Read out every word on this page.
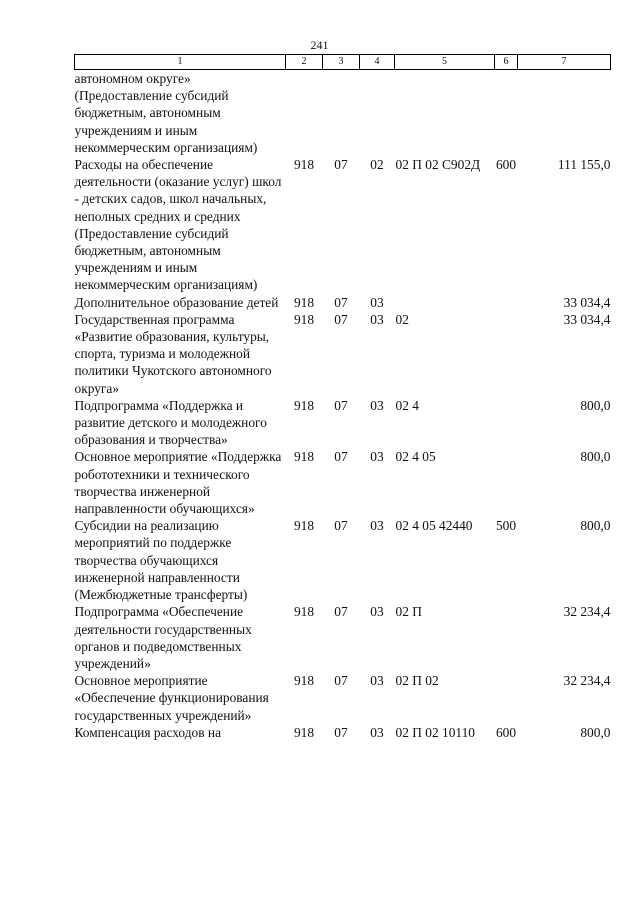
241
1	2	3	4	5	6	7
автономном округе» (Предоставление субсидий бюджетным, автономным учреждениям и иным некоммерческим организациям)						
Расходы на обеспечение деятельности (оказание услуг) школ - детских садов, школ начальных, неполных средних и средних (Предоставление субсидий бюджетным, автономным учреждениям и иным некоммерческим организациям)	918	07	02	02 П 02 С902Д	600	111 155,0
Дополнительное образование детей	918	07	03			33 034,4
Государственная программа «Развитие образования, культуры, спорта, туризма и молодежной политики Чукотского автономного округа»	918	07	03	02		33 034,4
Подпрограмма «Поддержка и развитие детского и молодежного образования и творчества»	918	07	03	02 4		800,0
Основное мероприятие «Поддержка робототехники и технического творчества инженерной направленности обучающихся»	918	07	03	02 4 05		800,0
Субсидии на реализацию мероприятий по поддержке творчества обучающихся инженерной направленности (Межбюджетные трансферты)	918	07	03	02 4 05 42440	500	800,0
Подпрограмма «Обеспечение деятельности государственных органов и подведомственных учреждений»	918	07	03	02 П		32 234,4
Основное мероприятие «Обеспечение функционирования государственных учреждений»	918	07	03	02 П 02		32 234,4
Компенсация расходов на	918	07	03	02 П 02 10110	600	800,0
